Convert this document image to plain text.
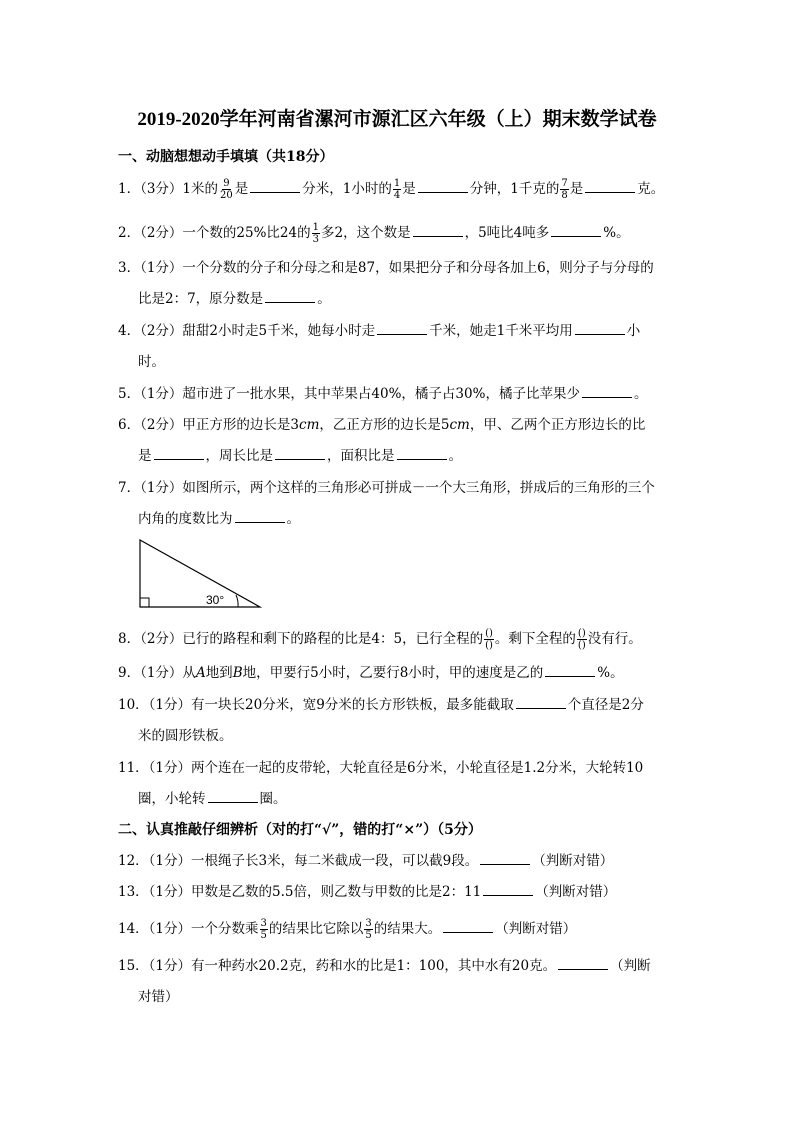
2019-2020学年河南省漯河市源汇区六年级（上）期末数学试卷
一、动脑想想动手填填（共18分）
1．（3分）1米的 $\frac{9}{20}$ 是	分米，1小时的 $\frac{1}{4}$ 是	分钟，1千克的 $\frac{7}{8}$ 是	克。
2．（2分）一个数的25%比24的 $\frac{1}{3}$ 多2，这个数是	，5吨比4吨多	%。
3．（1分）一个分数的分子和分母之和是87，如果把分子和分母各加上6，则分子与分母的
比是2：7，原分数是	。
4．（2分）甜甜2小时走5千米，她每小时走	千米，她走1千米平均用	小
时。
5．（1分）超市进了一批水果，其中苹果占40%，橘子占30%，橘子比苹果少	。
6．（2分）甲正方形的边长是3cm，乙正方形的边长是5cm，甲、乙两个正方形边长的比
是	，周长比是	，面积比是	。
7．（1分）如图所示，两个这样的三角形必可拼成－一个大三角形，拼成后的三角形的三个
内角的度数比为	。
30°
8．（2分）已行的路程和剩下的路程的比是4：5，已行全程的 $\frac{()}{()}$ 。剩下全程的 $\frac{()}{()}$ 没有行。
9．（1分）从A地到B地，甲要行5小时，乙要行8小时，甲的速度是乙的	%。
10．（1分）有一块长20分米，宽9分米的长方形铁板，最多能截取	个直径是2分
米的圆形铁板。
11．（1分）两个连在一起的皮带轮，大轮直径是6分米，小轮直径是1.2分米，大轮转10
圈，小轮转	圈。
二、认真推敲仔细辨析（对的打“√”，错的打“×”）（5分）
12．（1分）一根绳子长3米，每二米截成一段，可以截9段。	（判断对错）
13．（1分）甲数是乙数的5.5倍，则乙数与甲数的比是2：11	（判断对错）
14．（1分）一个分数乘 $\frac{3}{5}$ 的结果比它除以 $\frac{3}{5}$ 的结果大。	（判断对错）
15．（1分）有一种药水20.2克，药和水的比是1：100，其中水有20克。	（判断
对错）
